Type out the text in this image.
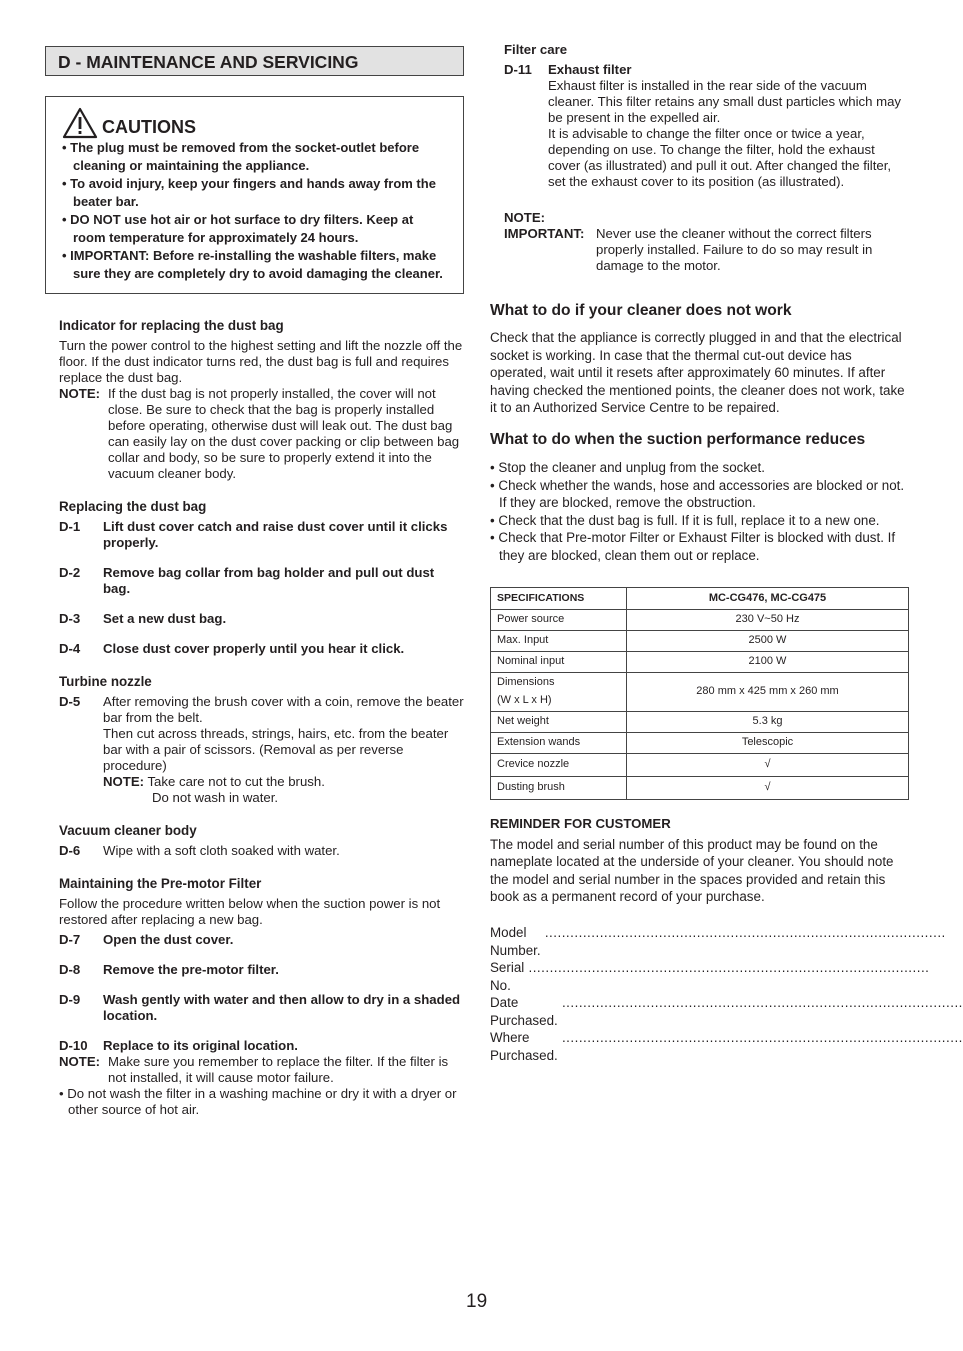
D - MAINTENANCE AND SERVICING
CAUTIONS
• The plug must be removed from the socket-outlet before cleaning or maintaining the appliance.
• To avoid injury, keep your fingers and hands away from the beater bar.
• DO NOT use hot air or hot surface to dry filters. Keep at room temperature for approximately 24 hours.
• IMPORTANT: Before re-installing the washable filters, make sure they are completely dry to avoid damaging the cleaner.
Indicator for replacing the dust bag
Turn the power control to the highest setting and lift the nozzle off the floor. If the dust indicator turns red, the dust bag is full and requires replace the dust bag.
NOTE: If the dust bag is not properly installed, the cover will not close. Be sure to check that the bag is properly installed before operating, otherwise dust will leak out. The dust bag can easily lay on the dust cover packing or clip between bag collar and body, so be sure to properly extend it into the vacuum cleaner body.
Replacing the dust bag
D-1	Lift dust cover catch and raise dust cover until it clicks properly.
D-2	Remove bag collar from bag holder and pull out dust bag.
D-3	Set a new dust bag.
D-4	Close dust cover properly until you hear it click.
Turbine nozzle
D-5	After removing the brush cover with a coin, remove the beater bar from the belt.
Then cut across threads, strings, hairs, etc. from the beater bar with a pair of scissors. (Removal as per reverse procedure)
NOTE: Take care not to cut the brush.
Do not wash in water.
Vacuum cleaner body
D-6	Wipe with a soft cloth soaked with water.
Maintaining the Pre-motor Filter
Follow the procedure written below when the suction power is not restored after replacing a new bag.
D-7	Open the dust cover.
D-8	Remove the pre-motor filter.
D-9	Wash gently with water and then allow to dry in a shaded location.
D-10	Replace to its original location.
NOTE: Make sure you remember to replace the filter. If the filter is not installed, it will cause motor failure.
• Do not wash the filter in a washing machine or dry it with a dryer or other source of hot air.
Filter care
D-11	Exhaust filter
Exhaust filter is installed in the rear side of the vacuum cleaner. This filter retains any small dust particles which may be present in the expelled air.
It is advisable to change the filter once or twice a year, depending on use. To change the filter, hold the exhaust cover (as illustrated) and pull it out. After changed the filter, set the exhaust cover to its position (as illustrated).
NOTE:
IMPORTANT: Never use the cleaner without the correct filters properly installed. Failure to do so may result in damage to the motor.
What to do if your cleaner does not work
Check that the appliance is correctly plugged in and that the electrical socket is working. In case that the thermal cut-out device has operated, wait until it resets after approximately 60 minutes. If after having checked the mentioned points, the cleaner does not work, take it to an Authorized Service Centre to be repaired.
What to do when the suction performance reduces
• Stop the cleaner and unplug from the socket.
• Check whether the wands, hose and accessories are blocked or not. If they are blocked, remove the obstruction.
• Check that the dust bag is full. If it is full, replace it to a new one.
• Check that Pre-motor Filter or Exhaust Filter is blocked with dust. If they are blocked, clean them out or replace.
SPECIFICATIONS	MC-CG476, MC-CG475
Power source	230 V~50 Hz
Max. Input	2500 W
Nominal input	2100 W

Dimensions
(W x L x H)	280 mm x 425 mm x 260 mm
Net weight	5.3 kg
Extension wands	Telescopic
Crevice nozzle	√
Dusting brush	√
REMINDER FOR CUSTOMER
The model and serial number of this product may be found on the nameplate located at the underside of your cleaner. You should note the model and serial number in the spaces provided and retain this book as a permanent record of your purchase.
Model Number.
...............................................................................................
Serial No.
...............................................................................................
Date Purchased.
...............................................................................................
Where Purchased.
...............................................................................................
19
